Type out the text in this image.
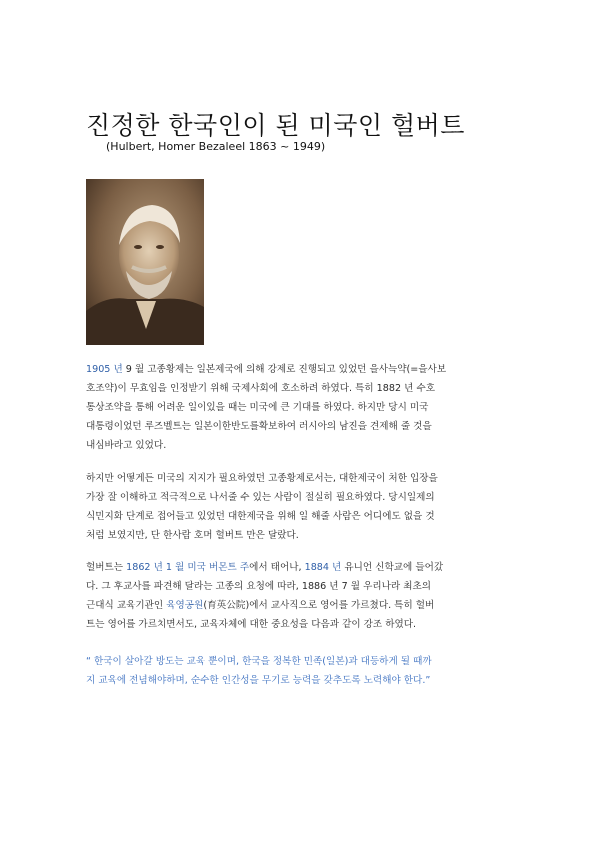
진정한 한국인이 된 미국인 헐버트
(Hulbert, Homer Bezaleel 1863 ~ 1949)
1905 년 9 월 고종황제는 일본제국에 의해 강제로 진행되고 있었던 을사늑약(=을사보
호조약)이 무효임을 인정받기 위해 국제사회에 호소하려 하였다. 특히 1882 년 수호
통상조약을 통해 어려운 일이있을 때는 미국에 큰 기대를 하였다. 하지만 당시 미국
대통령이었던 루즈벨트는 일본이한반도를확보하여 러시아의 남진을 견제해 줄 것을
내심바라고 있었다.
하지만 어떻게든 미국의 지지가 필요하였던 고종황제로서는, 대한제국이 처한 입장을
가장 잘 이해하고 적극적으로 나서줄 수 있는 사람이 절실히 필요하였다. 당시일제의
식민지화 단계로 접어들고 있었던 대한제국을 위해 일 해줄 사람은 어디에도 없을 것
처럼 보였지만, 단 한사람 호머 헐버트 만은 달랐다.
헐버트는 1862 년 1 월 미국 버몬트 주에서 태어나, 1884 년 유니언 신학교에 들어갔
다. 그 후교사를 파견해 달라는 고종의 요청에 따라, 1886 년 7 월 우리나라 최초의
근대식 교육기관인 육영공원(育英公院)에서 교사직으로 영어를 가르쳤다. 특히 헐버
트는 영어를 가르치면서도, 교육자체에 대한 중요성을 다음과 같이 강조 하였다.
“ 한국이 살아갈 방도는 교육 뿐이며, 한국을 정복한 민족(일본)과 대등하게 될 때까
지 교육에 전념해야하며, 순수한 인간성을 무기로 능력을 갖추도록 노력해야 한다.”
